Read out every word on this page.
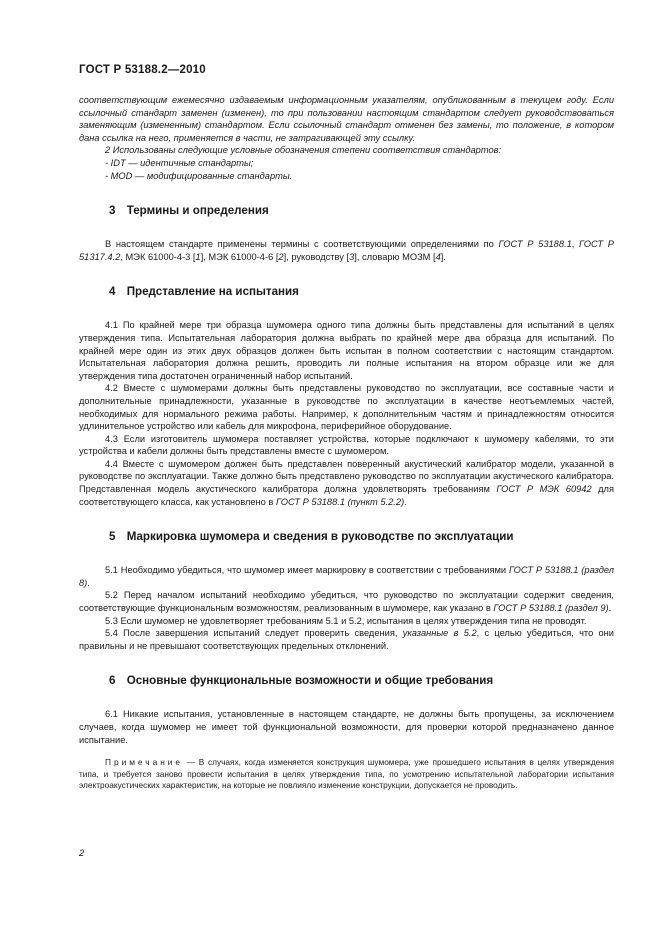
ГОСТ Р 53188.2—2010

соответствующим ежемесячно издаваемым информационным указателям, опубликованным в текущем году. Если ссылочный стандарт заменен (изменен), то при пользовании настоящим стандартом следует руководствоваться заменяющим (измененным) стандартом. Если ссылочный стандарт отменен без замены, то положение, в котором дана ссылка на него, применяется в части, не затрагивающей эту ссылку.

2 Использованы следующие условные обозначения степени соответствия стандартов:

- IDT — идентичные стандарты;

- MOD — модифицированные стандарты.

3 Термины и определения

В настоящем стандарте применены термины с соответствующими определениями по ГОСТ Р 53188.1, ГОСТ Р 51317.4.2, МЭК 61000-4-3 [1], МЭК 61000-4-6 [2], руководству [3], словарю МОЗМ [4].

4 Представление на испытания

4.1 По крайней мере три образца шумомера одного типа должны быть представлены для испытаний в целях утверждения типа. Испытательная лаборатория должна выбрать по крайней мере два образца для испытаний. По крайней мере один из этих двух образцов должен быть испытан в полном соответствии с настоящим стандартом. Испытательная лаборатория должна решить, проводить ли полные испытания на втором образце или же для утверждения типа достаточен ограниченный набор испытаний.

4.2 Вместе с шумомерами должны быть представлены руководство по эксплуатации, все составные части и дополнительные принадлежности, указанные в руководстве по эксплуатации в качестве неотъемлемых частей, необходимых для нормального режима работы. Например, к дополнительным частям и принадлежностям относится удлинительное устройство или кабель для микрофона, периферийное оборудование.

4.3 Если изготовитель шумомера поставляет устройства, которые подключают к шумомеру кабелями, то эти устройства и кабели должны быть представлены вместе с шумомером.

4.4 Вместе с шумомером должен быть представлен поверенный акустический калибратор модели, указанной в руководстве по эксплуатации. Также должно быть представлено руководство по эксплуатации акустического калибратора. Представленная модель акустического калибратора должна удовлетворять требованиям ГОСТ Р МЭК 60942 для соответствующего класса, как установлено в ГОСТ Р 53188.1 (пункт 5.2.2).

5 Маркировка шумомера и сведения в руководстве по эксплуатации

5.1 Необходимо убедиться, что шумомер имеет маркировку в соответствии с требованиями ГОСТ Р 53188.1 (раздел 8).

5.2 Перед началом испытаний необходимо убедиться, что руководство по эксплуатации содержит сведения, соответствующие функциональным возможностям, реализованным в шумомере, как указано в ГОСТ Р 53188.1 (раздел 9).

5.3 Если шумомер не удовлетворяет требованиям 5.1 и 5.2, испытания в целях утверждения типа не проводят.

5.4 После завершения испытаний следует проверить сведения, указанные в 5.2, с целью убедиться, что они правильны и не превышают соответствующих предельных отклонений.

6 Основные функциональные возможности и общие требования

6.1 Никакие испытания, установленные в настоящем стандарте, не должны быть пропущены, за исключением случаев, когда шумомер не имеет той функциональной возможности, для проверки которой предназначено данное испытание.

Примечание — В случаях, когда изменяется конструкция шумомера, уже прошедшего испытания в целях утверждения типа, и требуется заново провести испытания в целях утверждения типа, по усмотрению испытательной лаборатории испытания электроакустических характеристик, на которые не повлияло изменение конструкции, допускается не проводить.

2
